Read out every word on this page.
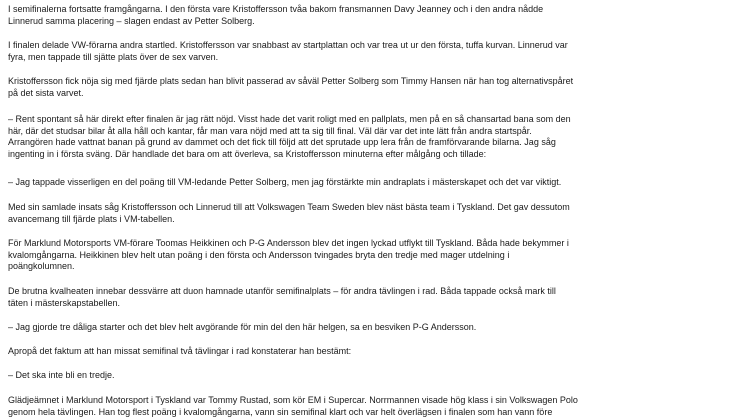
I semifinalerna fortsatte framgångarna. I den första vare Kristoffersson tvåa bakom fransmannen Davy Jeanney och i den andra nådde
Linnerud samma placering – slagen endast av Petter Solberg.

I finalen delade VW-förarna andra startled. Kristoffersson var snabbast av startplattan och var trea ut ur den första, tuffa kurvan. Linnerud var
fyra, men tappade till sjätte plats över de sex varven.

Kristoffersson fick nöja sig med fjärde plats sedan han blivit passerad av såväl Petter Solberg som Timmy Hansen när han tog alternativspåret
på det sista varvet.

– Rent spontant så här direkt efter finalen är jag rätt nöjd. Visst hade det varit roligt med en pallplats, men på en så chansartad bana som den
här, där det studsar bilar åt alla håll och kantar, får man vara nöjd med att ta sig till final. Väl där var det inte lätt från andra startspår.
Arrangören hade vattnat banan på grund av dammet och det fick till följd att det sprutade upp lera från de framförvarande bilarna. Jag såg
ingenting in i första sväng. Där handlade det bara om att överleva, sa Kristoffersson minuterna efter målgång och tillade:

– Jag tappade visserligen en del poäng till VM-ledande Petter Solberg, men jag förstärkte min andraplats i mästerskapet och det var viktigt.

Med sin samlade insats såg Kristoffersson och Linnerud till att Volkswagen Team Sweden blev näst bästa team i Tyskland. Det gav dessutom
avancemang till fjärde plats i VM-tabellen.

För Marklund Motorsports VM-förare Toomas Heikkinen och P-G Andersson blev det ingen lyckad utflykt till Tyskland. Båda hade bekymmer i
kvalomgångarna. Heikkinen blev helt utan poäng i den första och Andersson tvingades bryta den tredje med mager utdelning i
poängkolumnen.

De brutna kvalheaten innebar dessvärre att duon hamnade utanför semifinalplats – för andra tävlingen i rad. Båda tappade också mark till
täten i mästerskapstabellen.

– Jag gjorde tre dåliga starter och det blev helt avgörande för min del den här helgen, sa en besviken P-G Andersson.

Apropå det faktum att han missat semifinal två tävlingar i rad konstaterar han bestämt:

– Det ska inte bli en tredje.

Glädjeämnet i Marklund Motorsport i Tyskland var Tommy Rustad, som kör EM i Supercar. Norrmannen visade hög klass i sin Volkswagen Polo
genom hela tävlingen. Han tog flest poäng i kvalomgångarna, vann sin semifinal klart och var helt överlägsen i finalen som han vann före
